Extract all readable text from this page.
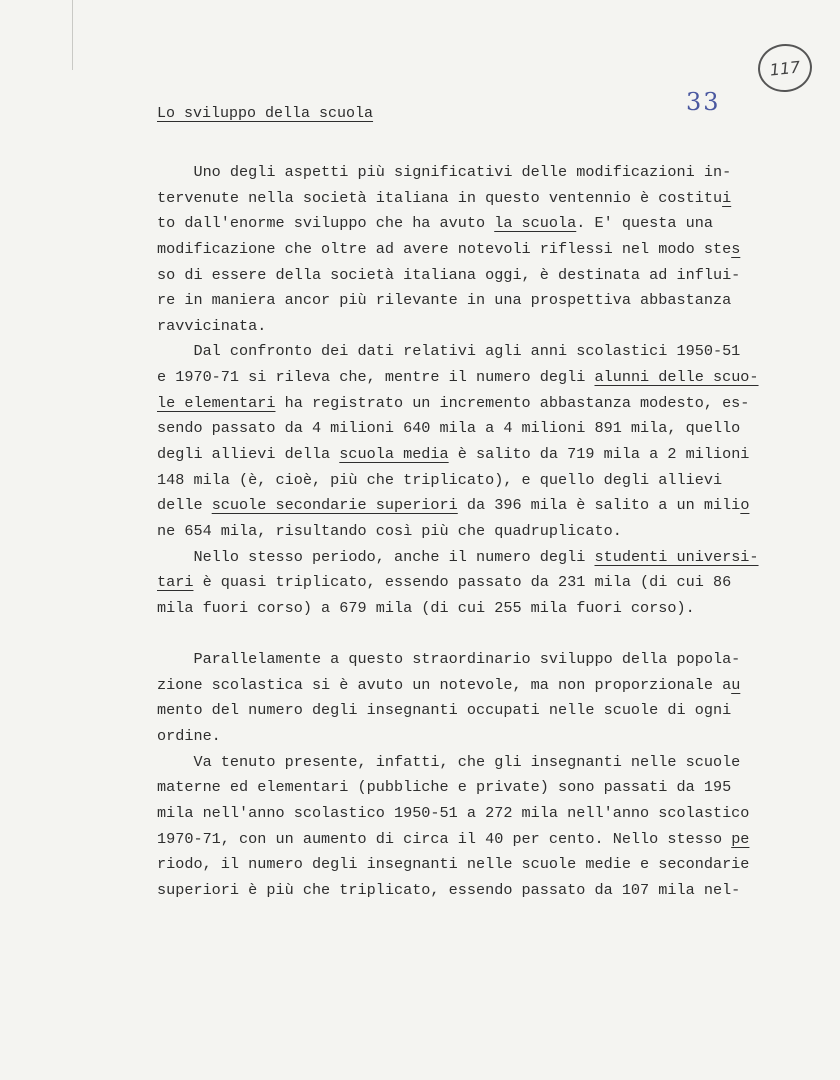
117
33
Lo sviluppo della scuola
Uno degli aspetti più significativi delle modificazioni in-
tervenute nella società italiana in questo ventennio è costitui
to dall'enorme sviluppo che ha avuto la scuola. E' questa una
modificazione che oltre ad avere notevoli riflessi nel modo stes
so di essere della società italiana oggi, è destinata ad influi-
re in maniera ancor più rilevante in una prospettiva abbastanza
ravvicinata.
Dal confronto dei dati relativi agli anni scolastici 1950-51
e 1970-71 si rileva che, mentre il numero degli alunni delle scuo-
le elementari ha registrato un incremento abbastanza modesto, es-
sendo passato da 4 milioni 640 mila a 4 milioni 891 mila, quello
degli allievi della scuola media è salito da 719 mila a 2 milioni
148 mila (è, cioè, più che triplicato), e quello degli allievi
delle scuole secondarie superiori da 396 mila è salito a un milio
ne 654 mila, risultando così più che quadruplicato.
Nello stesso periodo, anche il numero degli studenti universi-
tari è quasi triplicato, essendo passato da 231 mila (di cui 86
mila fuori corso) a 679 mila (di cui 255 mila fuori corso).
Parallelamente a questo straordinario sviluppo della popola-
zione scolastica si è avuto un notevole, ma non proporzionale au
mento del numero degli insegnanti occupati nelle scuole di ogni
ordine.
Va tenuto presente, infatti, che gli insegnanti nelle scuole
materne ed elementari (pubbliche e private) sono passati da 195
mila nell'anno scolastico 1950-51 a 272 mila nell'anno scolastico
1970-71, con un aumento di circa il 40 per cento. Nello stesso pe
riodo, il numero degli insegnanti nelle scuole medie e secondarie
superiori è più che triplicato, essendo passato da 107 mila nel-
